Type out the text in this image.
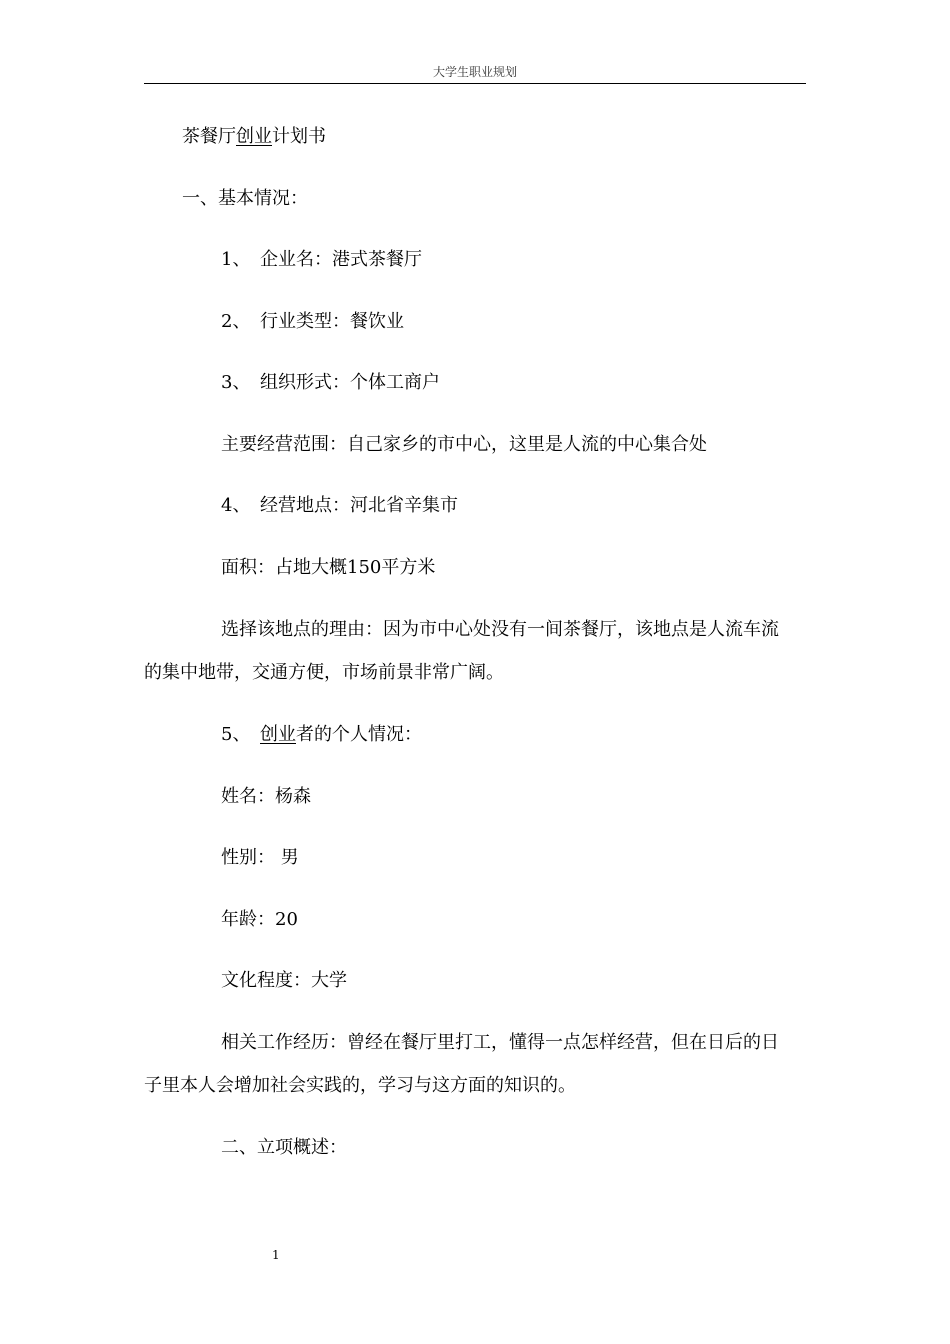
大学生职业规划
茶餐厅创业计划书
一、基本情况：
1、 企业名：港式茶餐厅
2、 行业类型：餐饮业
3、 组织形式：个体工商户
主要经营范围：自己家乡的市中心，这里是人流的中心集合处
4、 经营地点：河北省辛集市
面积：占地大概150平方米
选择该地点的理由：因为市中心处没有一间茶餐厅，该地点是人流车流
的集中地带，交通方便，市场前景非常广阔。
5、 创业者的个人情况：
姓名：杨森
性别： 男
年龄：20
文化程度：大学
相关工作经历：曾经在餐厅里打工，懂得一点怎样经营，但在日后的日
子里本人会增加社会实践的，学习与这方面的知识的。
二、立项概述：
1
